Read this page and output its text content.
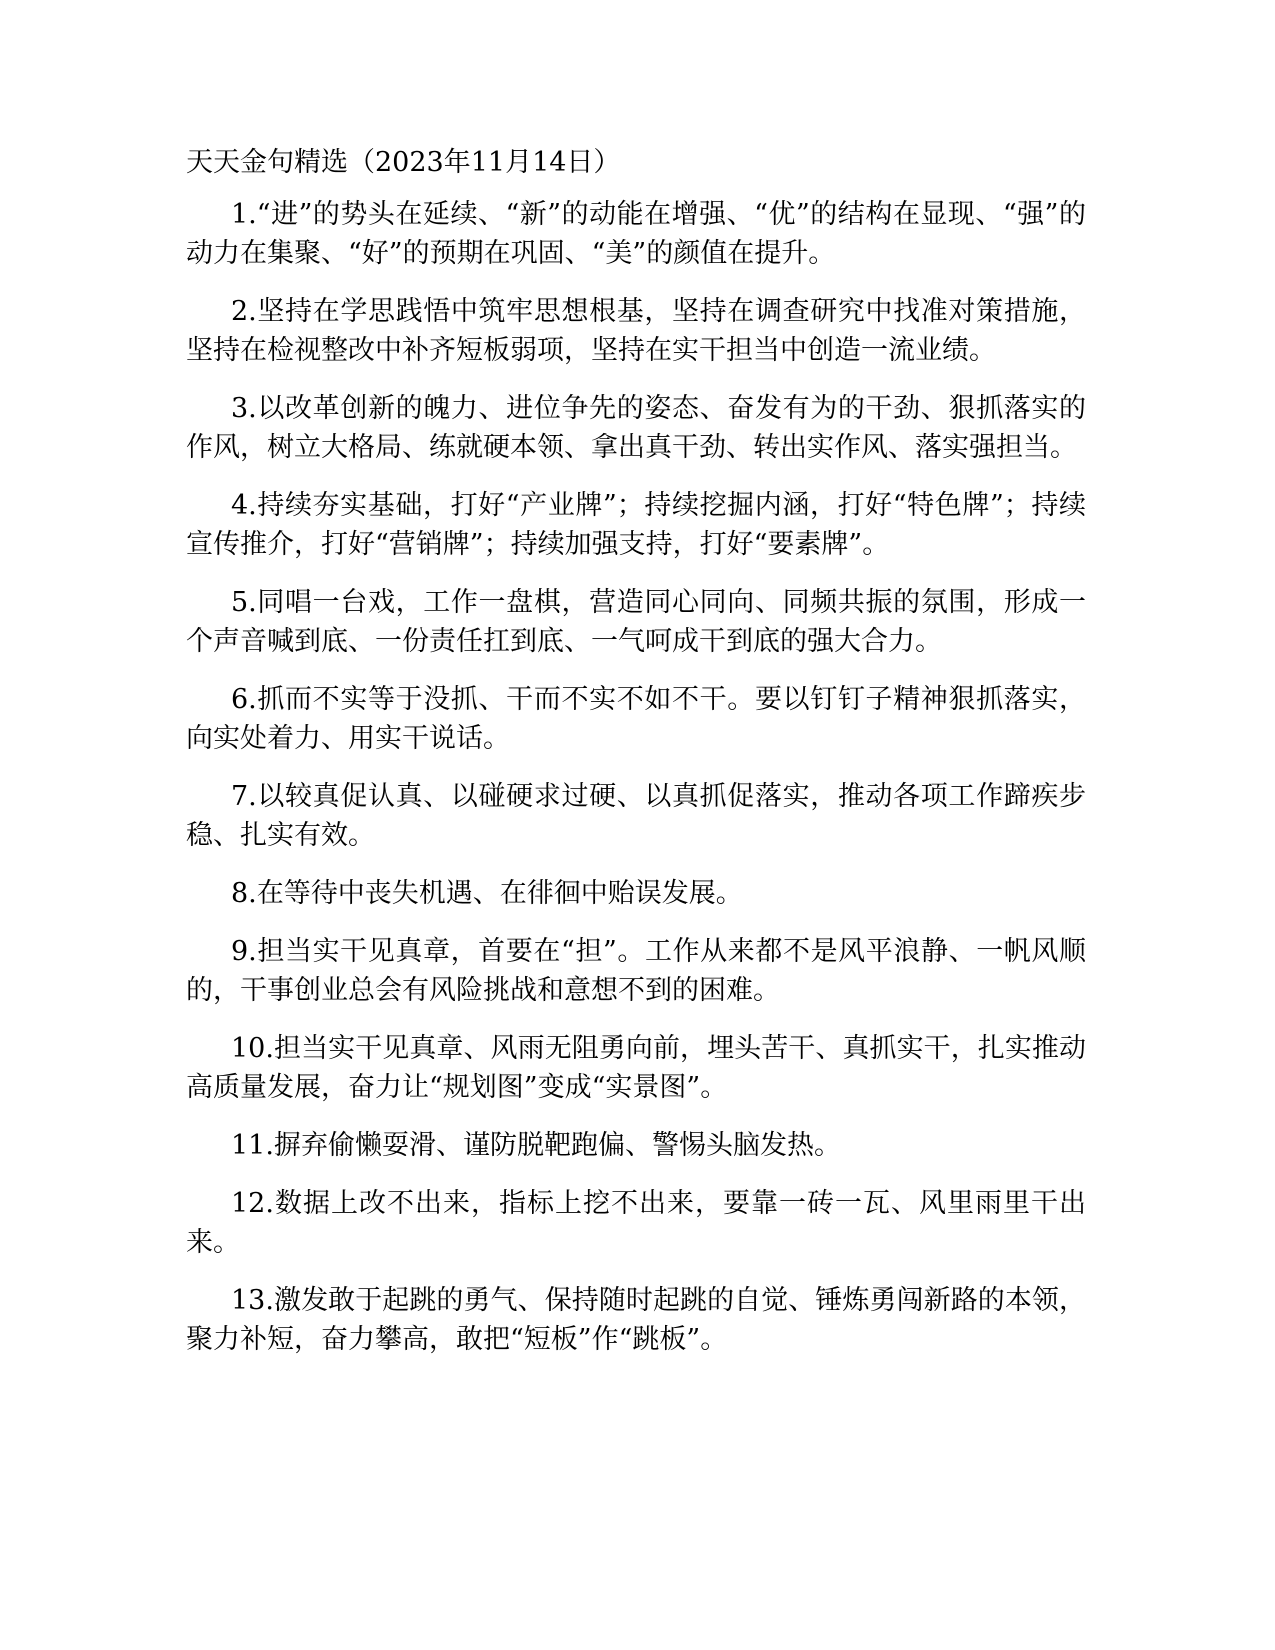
天天金句精选（2023年11月14日）

1.“进”的势头在延续、“新”的动能在增强、“优”的结构在显现、“强”的动力在集聚、“好”的预期在巩固、“美”的颜值在提升。

2.坚持在学思践悟中筑牢思想根基，坚持在调查研究中找准对策措施，坚持在检视整改中补齐短板弱项，坚持在实干担当中创造一流业绩。

3.以改革创新的魄力、进位争先的姿态、奋发有为的干劲、狠抓落实的作风，树立大格局、练就硬本领、拿出真干劲、转出实作风、落实强担当。

4.持续夯实基础，打好“产业牌”；持续挖掘内涵，打好“特色牌”；持续宣传推介，打好“营销牌”；持续加强支持，打好“要素牌”。

5.同唱一台戏，工作一盘棋，营造同心同向、同频共振的氛围，形成一个声音喊到底、一份责任扛到底、一气呵成干到底的强大合力。

6.抓而不实等于没抓、干而不实不如不干。要以钉钉子精神狠抓落实，向实处着力、用实干说话。

7.以较真促认真、以碰硬求过硬、以真抓促落实，推动各项工作蹄疾步稳、扎实有效。

8.在等待中丧失机遇、在徘徊中贻误发展。

9.担当实干见真章，首要在“担”。工作从来都不是风平浪静、一帆风顺的，干事创业总会有风险挑战和意想不到的困难。

10.担当实干见真章、风雨无阻勇向前，埋头苦干、真抓实干，扎实推动高质量发展，奋力让“规划图”变成“实景图”。

11.摒弃偷懒耍滑、谨防脱靶跑偏、警惕头脑发热。

12.数据上改不出来，指标上挖不出来，要靠一砖一瓦、风里雨里干出来。

13.激发敢于起跳的勇气、保持随时起跳的自觉、锤炼勇闯新路的本领，聚力补短，奋力攀高，敢把“短板”作“跳板”。
